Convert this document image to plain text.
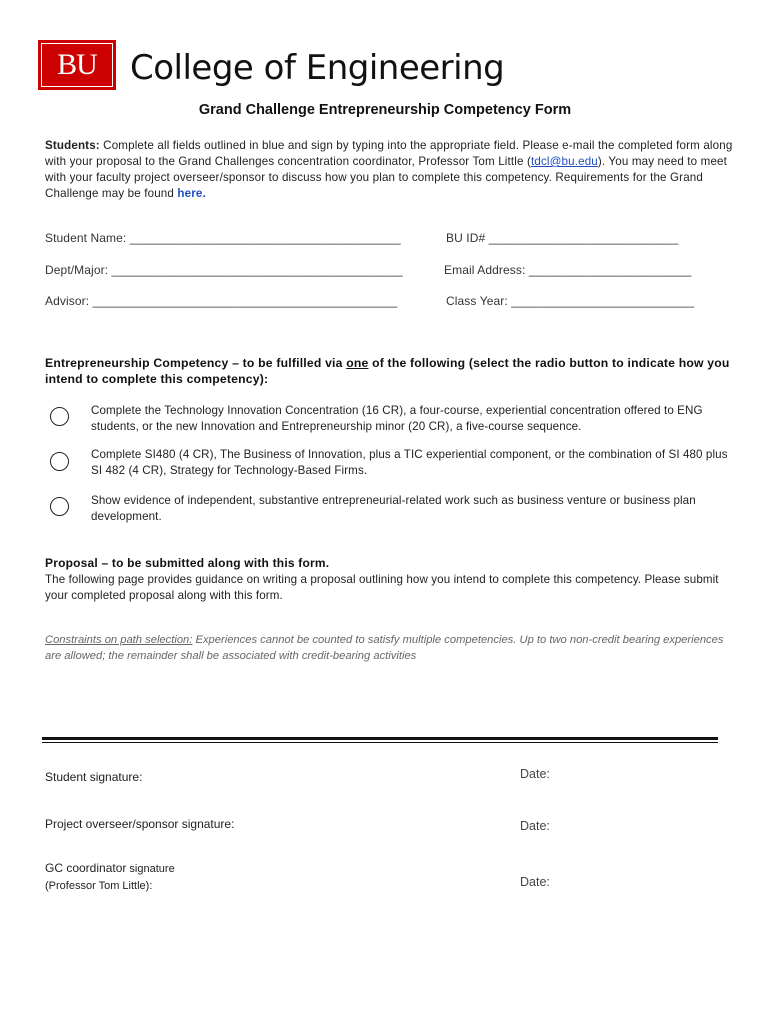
BU College of Engineering
Grand Challenge Entrepreneurship Competency Form
Students: Complete all fields outlined in blue and sign by typing into the appropriate field. Please e-mail the completed form along with your proposal to the Grand Challenges concentration coordinator, Professor Tom Little (tdcl@bu.edu). You may need to meet with your faculty project overseer/sponsor to discuss how you plan to complete this competency. Requirements for the Grand Challenge may be found here.
Student Name: ________________________________________	BU ID# ____________________________
Dept/Major: ___________________________________________	Email Address: ________________________
Advisor: _____________________________________________	Class Year: ___________________________
Entrepreneurship Competency – to be fulfilled via one of the following (select the radio button to indicate how you intend to complete this competency):
Complete the Technology Innovation Concentration (16 CR), a four-course, experiential concentration offered to ENG students, or the new Innovation and Entrepreneurship minor (20 CR), a five-course sequence.
Complete SI480 (4 CR), The Business of Innovation, plus a TIC experiential component, or the combination of SI 480 plus SI 482 (4 CR), Strategy for Technology-Based Firms.
Show evidence of independent, substantive entrepreneurial-related work such as business venture or business plan development.
Proposal – to be submitted along with this form.
The following page provides guidance on writing a proposal outlining how you intend to complete this competency. Please submit your completed proposal along with this form.
Constraints on path selection: Experiences cannot be counted to satisfy multiple competencies. Up to two non-credit bearing experiences are allowed; the remainder shall be associated with credit-bearing activities
Student signature:	Date:
Project overseer/sponsor signature:	Date:
GC coordinator signature
(Professor Tom Little):	Date:
